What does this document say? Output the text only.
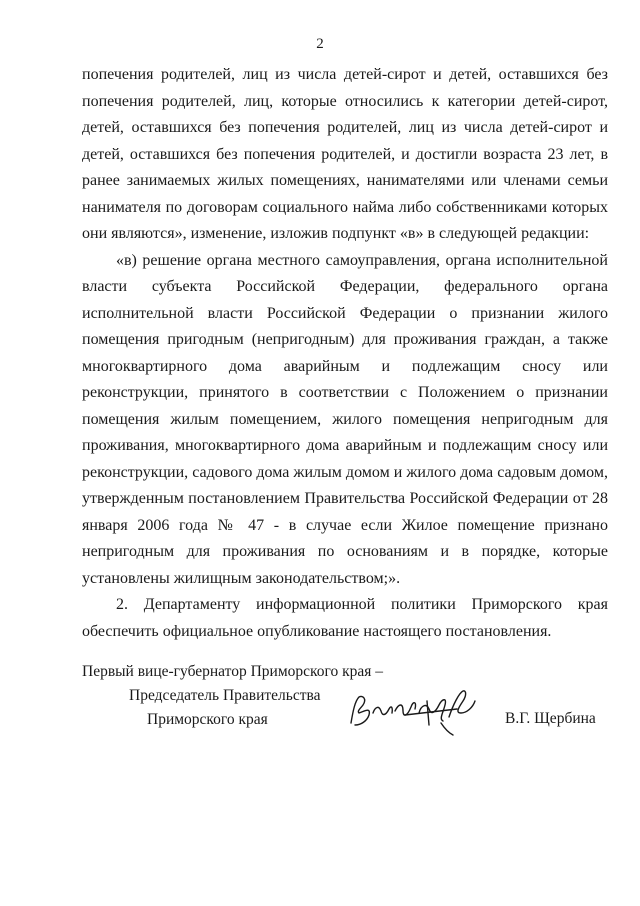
2

попечения родителей, лиц из числа детей-сирот и детей, оставшихся без попечения родителей, лиц, которые относились к категории детей-сирот, детей, оставшихся без попечения родителей, лиц из числа детей-сирот и детей, оставшихся без попечения родителей, и достигли возраста 23 лет, в ранее занимаемых жилых помещениях, нанимателями или членами семьи нанимателя по договорам социального найма либо собственниками которых они являются», изменение, изложив подпункт «в» в следующей редакции:

«в) решение органа местного самоуправления, органа исполнительной власти субъекта Российской Федерации, федерального органа исполнительной власти Российской Федерации о признании жилого помещения пригодным (непригодным) для проживания граждан, а также многоквартирного дома аварийным и подлежащим сносу или реконструкции, принятого в соответствии с Положением о признании помещения жилым помещением, жилого помещения непригодным для проживания, многоквартирного дома аварийным и подлежащим сносу или реконструкции, садового дома жилым домом и жилого дома садовым домом, утвержденным постановлением Правительства Российской Федерации от 28 января 2006 года № 47 - в случае если Жилое помещение признано непригодным для проживания по основаниям и в порядке, которые установлены жилищным законодательством;».

2. Департаменту информационной политики Приморского края обеспечить официальное опубликование настоящего постановления.

Первый вице-губернатор Приморского края –
Председатель Правительства
Приморского края	В.Г. Щербина
